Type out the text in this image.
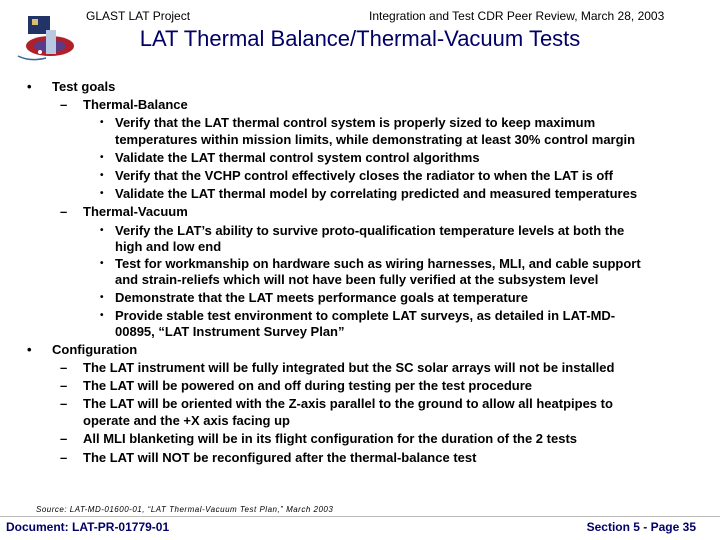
GLAST LAT Project	Integration and Test CDR Peer Review, March 28, 2003
LAT Thermal Balance/Thermal-Vacuum Tests
• Test goals
– Thermal-Balance
• Verify that the LAT thermal control system is properly sized to keep maximum
temperatures within mission limits, while demonstrating at least 30% control margin
• Validate the LAT thermal control system control algorithms
• Verify that the VCHP control effectively closes the radiator to when the LAT is off
• Validate the LAT thermal model by correlating predicted and measured temperatures
– Thermal-Vacuum
• Verify the LAT’s ability to survive proto-qualification temperature levels at both the
high and low end
• Test for workmanship on hardware such as wiring harnesses, MLI, and cable support
and strain-reliefs which will not have been fully verified at the subsystem level
• Demonstrate that the LAT meets performance goals at temperature
• Provide stable test environment to complete LAT surveys, as detailed in LAT-MD-
00895, “LAT Instrument Survey Plan”
• Configuration
– The LAT instrument will be fully integrated but the SC solar arrays will not be installed
– The LAT will be powered on and off during testing per the test procedure
– The LAT will be oriented with the Z-axis parallel to the ground to allow all heatpipes to
operate and the +X axis facing up
– All MLI blanketing will be in its flight configuration for the duration of the 2 tests
– The LAT will NOT be reconfigured after the thermal-balance test
Source: LAT-MD-01600-01, “LAT Thermal-Vacuum Test Plan,” March 2003
Document: LAT-PR-01779-01	Section 5 - Page 35
